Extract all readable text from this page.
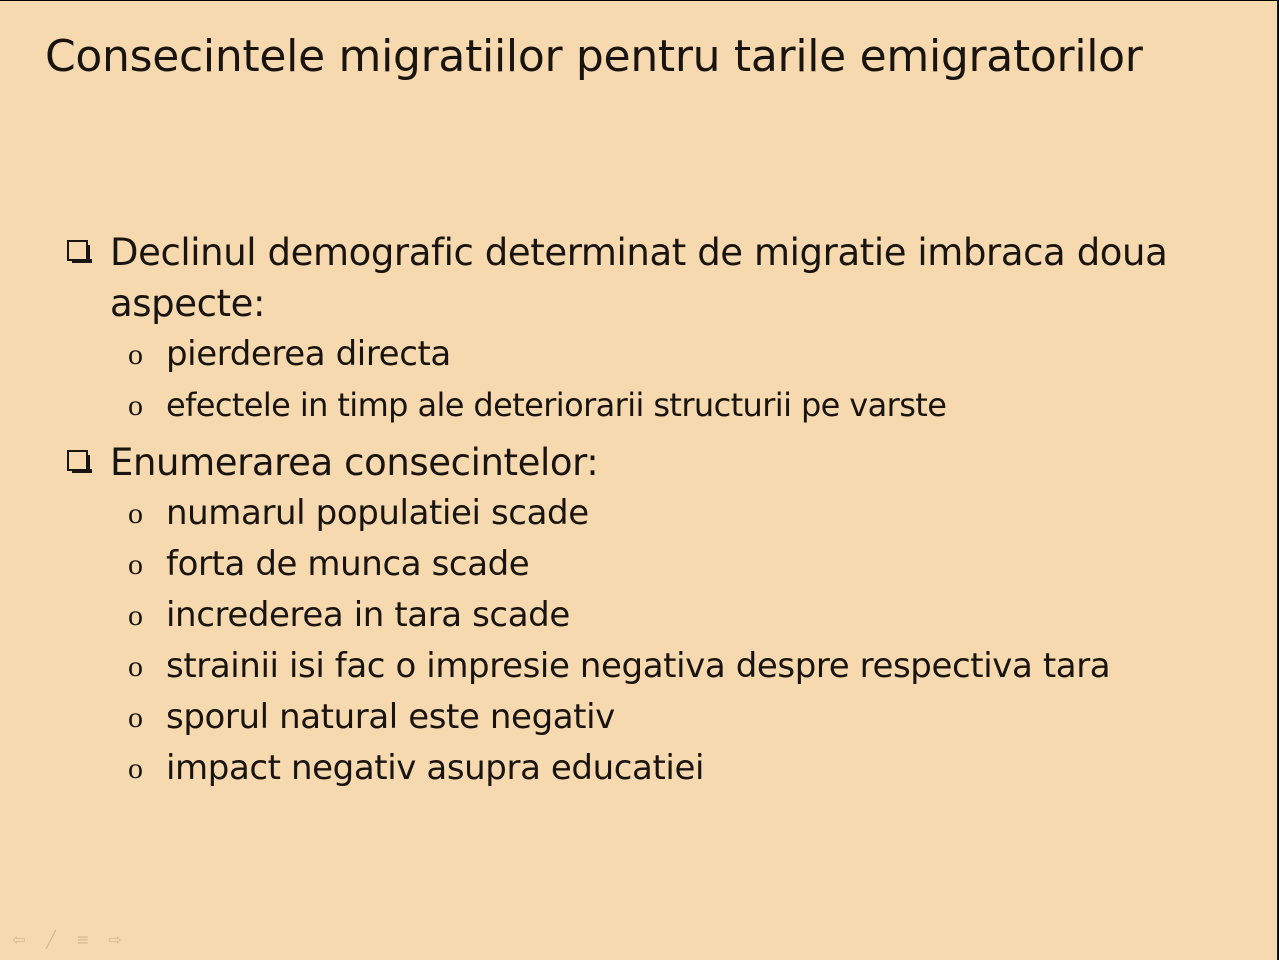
Consecintele migratiilor pentru tarile emigratorilor
Declinul demografic determinat de migratie imbraca doua
aspecte:
o pierderea directa
o efectele in timp ale deteriorarii structurii pe varste
Enumerarea consecintelor:
o numarul populatiei scade
o forta de munca scade
o increderea in tara scade
o strainii isi fac o impresie negativa despre respectiva tara
o sporul natural este negativ
o impact negativ asupra educatiei
⇦	╱	≡ ⇨
